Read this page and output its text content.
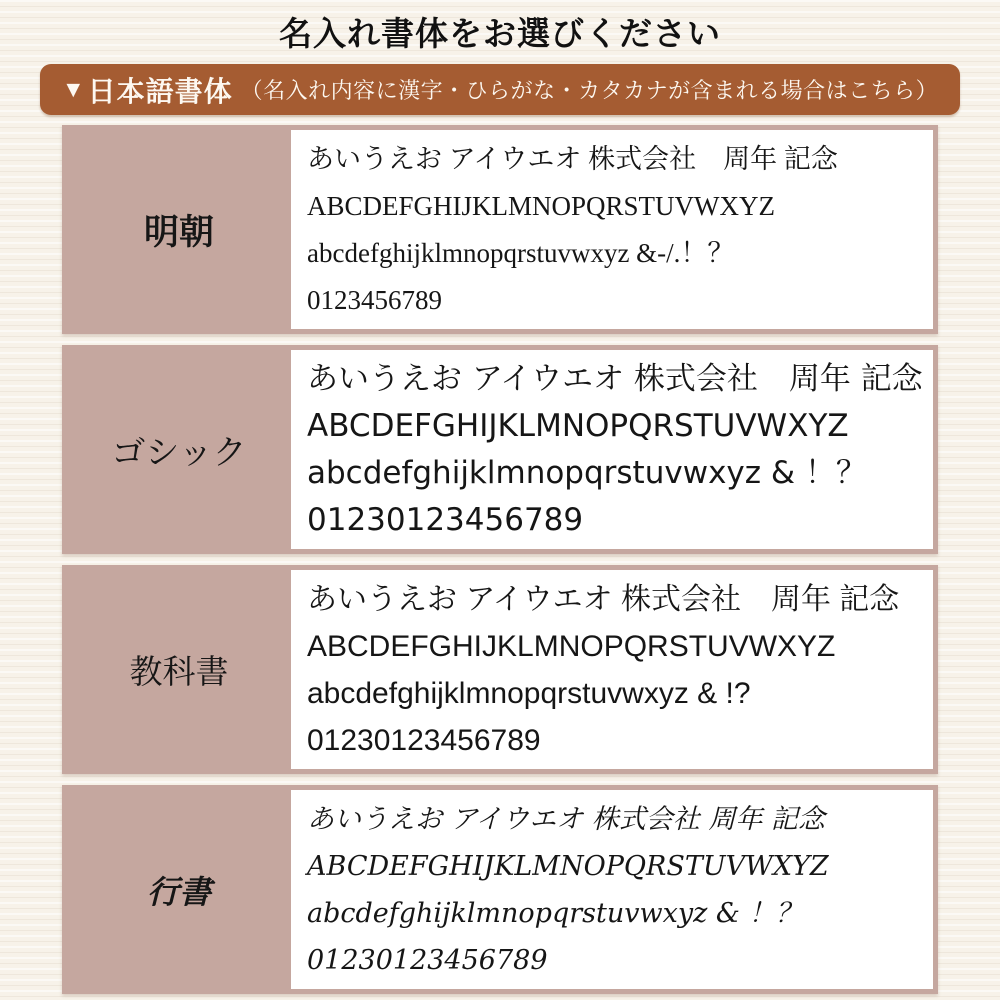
名入れ書体をお選びください
▼ 日本語書体 （名入れ内容に漢字・ひらがな・カタカナが含まれる場合はこちら）
明朝
あいうえお アイウエオ 株式会社　周年 記念
ABCDEFGHIJKLMNOPQRSTUVWXYZ
abcdefghijklmnopqrstuvwxyz &-/.！？
0123456789
ゴシック
あいうえお アイウエオ 株式会社　周年 記念
ABCDEFGHIJKLMNOPQRSTUVWXYZ
abcdefghijklmnopqrstuvwxyz & ！？
01230123456789
教科書
あいうえお アイウエオ 株式会社　周年 記念
ABCDEFGHIJKLMNOPQRSTUVWXYZ
abcdefghijklmnopqrstuvwxyz & !?
01230123456789
行書
あいうえお アイウエオ 株式会社 周年 記念
ABCDEFGHIJKLMNOPQRSTUVWXYZ
abcdefghijklmnopqrstuvwxyz & ！？
01230123456789
